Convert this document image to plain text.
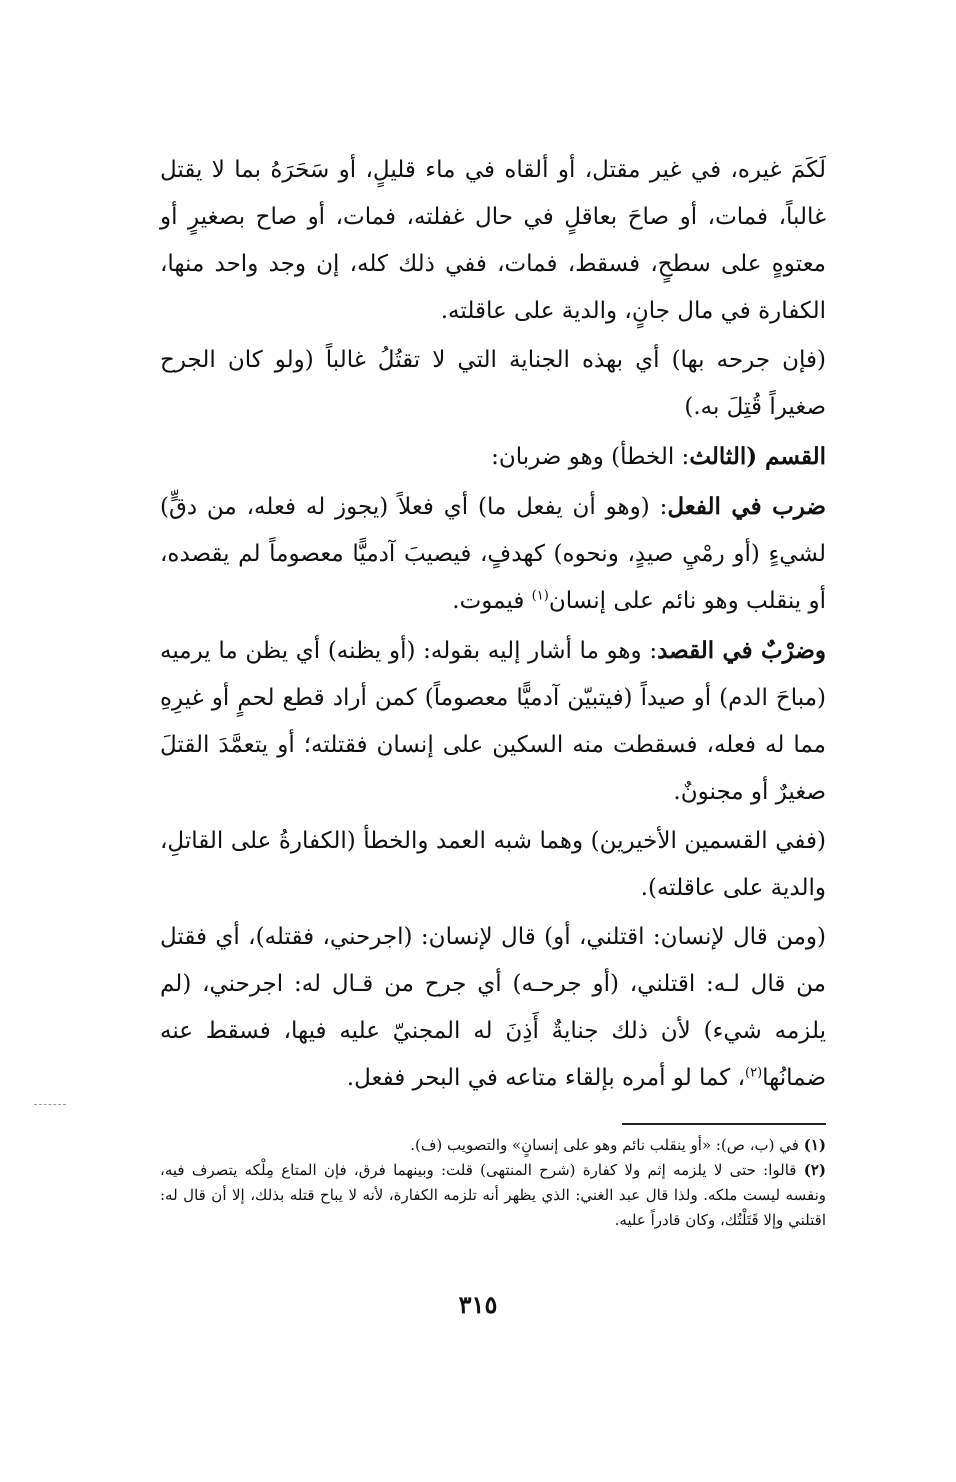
لَكَمَ غيره، في غير مقتل، أو ألقاه في ماء قليلٍ، أو سَحَرَهُ بما لا يقتل غالباً، فمات، أو صاحَ بعاقلٍ في حال غفلته، فمات، أو صاح بصغيرٍ أو معتوهٍ على سطحٍ، فسقط، فمات، ففي ذلك كله، إن وجد واحد منها، الكفارة في مال جانٍ، والدية على عاقلته.

(فإن جرحه بها) أي بهذه الجناية التي لا تقتُلُ غالباً (ولو كان الجرح صغيراً قُتِلَ به.)

القسم (الثالث: الخطأ) وهو ضربان:

ضرب في الفعل: (وهو أن يفعل ما) أي فعلاً (يجوز له فعله، من دقٍّ) لشيءٍ (أو رمْيِ صيدٍ، ونحوه) كهدفٍ، فيصيبَ آدميًّا معصوماً لم يقصده، أو ينقلب وهو نائم على إنسان$^{(١)}$ فيموت.

وضرْبٌ في القصد: وهو ما أشار إليه بقوله: (أو يظنه) أي يظن ما يرميه (مباحَ الدم) أو صيداً (فيتبيّن آدميًّا معصوماً) كمن أراد قطع لحمٍ أو غيرِهِ مما له فعله، فسقطت منه السكين على إنسان فقتلته؛ أو يتعمَّدَ القتلَ صغيرٌ أو مجنونٌ.

(ففي القسمين الأخيرين) وهما شبه العمد والخطأ (الكفارةُ على القاتلِ، والدية على عاقلته).

(ومن قال لإنسان: اقتلني، أو) قال لإنسان: (اجرحني، فقتله)، أي فقتل من قال لـه: اقتلني، (أو جرحـه) أي جرح من قـال له: اجرحني، (لم يلزمه شيء) لأن ذلك جنايةٌ أَذِنَ له المجنيّ عليه فيها، فسقط عنه ضمانُها$^{(٢)}$، كما لو أمره بإلقاء متاعه في البحر ففعل.

(١) في (ب، ص): «أو ينقلب نائم وهو على إنسانٍ» والتصويب (ف).

(٢) قالوا: حتى لا يلزمه إثم ولا كفارة (شرح المنتهى) قلت: وبينهما فرق، فإن المتاع مِلْكه يتصرف فيه، ونفسه ليست ملكه. ولذا قال عبد الغني: الذي يظهر أنه تلزمه الكفارة، لأنه لا يباح قتله بذلك، إلا أن قال له: اقتلني وإلا قَتَلْتُك، وكان قادراً عليه.

٣١٥
